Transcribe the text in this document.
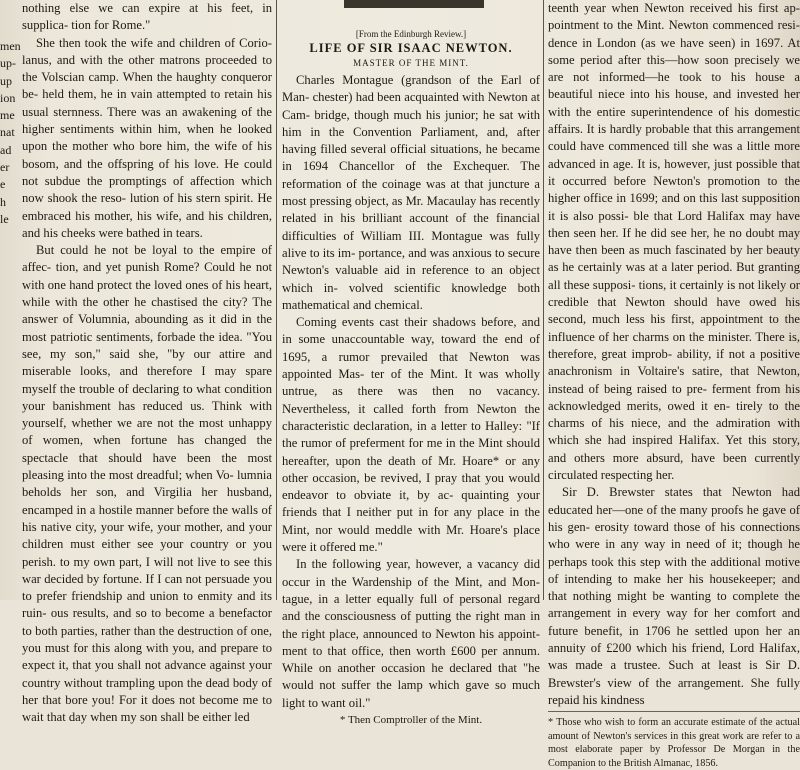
men
up-
up
ion
me
nat
ad
er
e
h
le

nothing else we can expire at his feet, in supplica- tion for Rome."

She then took the wife and children of Corio- lanus, and with the other matrons proceeded to the Volscian camp. When the haughty conqueror be- held them, he in vain attempted to retain his usual sternness. There was an awakening of the higher sentiments within him, when he looked upon the mother who bore him, the wife of his bosom, and the offspring of his love. He could not subdue the promptings of affection which now shook the reso- lution of his stern spirit. He embraced his mother, his wife, and his children, and his cheeks were bathed in tears.

But could he not be loyal to the empire of affec- tion, and yet punish Rome? Could he not with one hand protect the loved ones of his heart, while with the other he chastised the city? The answer of Volumnia, abounding as it did in the most patriotic sentiments, forbade the idea. "You see, my son," said she, "by our attire and miserable looks, and therefore I may spare myself the trouble of declaring to what condition your banishment has reduced us. Think with yourself, whether we are not the most unhappy of women, when fortune has changed the spectacle that should have been the most pleasing into the most dreadful; when Vo- lumnia beholds her son, and Virgilia her husband, encamped in a hostile manner before the walls of his native city, your wife, your mother, and your children must either see your country or you perish. to my own part, I will not live to see this war decided by fortune. If I can not persuade you to prefer friendship and union to enmity and its ruin- ous results, and so to become a benefactor to both parties, rather than the destruction of one, you must for this along with you, and prepare to expect it, that you shall not advance against your country without trampling upon the dead body of her that bore you! For it does not become me to wait that day when my son shall be either led

[From the Edinburgh Review.]
LIFE OF SIR ISAAC NEWTON.
MASTER OF THE MINT.

Charles Montague (grandson of the Earl of Man- chester) had been acquainted with Newton at Cam- bridge, though much his junior; he sat with him in the Convention Parliament, and, after having filled several official situations, he became in 1694 Chancellor of the Exchequer. The reformation of the coinage was at that juncture a most pressing object, as Mr. Macaulay has recently related in his brilliant account of the financial difficulties of William III. Montague was fully alive to its im- portance, and was anxious to secure Newton's valuable aid in reference to an object which in- volved scientific knowledge both mathematical and chemical.

Coming events cast their shadows before, and in some unaccountable way, toward the end of 1695, a rumor prevailed that Newton was appointed Mas- ter of the Mint. It was wholly untrue, as there was then no vacancy. Nevertheless, it called forth from Newton the characteristic declaration, in a letter to Halley: "If the rumor of preferment for me in the Mint should hereafter, upon the death of Mr. Hoare* or any other occasion, be revived, I pray that you would endeavor to obviate it, by ac- quainting your friends that I neither put in for any place in the Mint, nor would meddle with Mr. Hoare's place were it offered me."

In the following year, however, a vacancy did occur in the Wardenship of the Mint, and Mon- tague, in a letter equally full of personal regard and the consciousness of putting the right man in the right place, announced to Newton his appoint- ment to that office, then worth £600 per annum. While on another occasion he declared that "he would not suffer the lamp which gave so much light to want oil."

* Then Comptroller of the Mint.

teenth year when Newton received his first ap- pointment to the Mint. Newton commenced resi- dence in London (as we have seen) in 1697. At some period after this—how soon precisely we are not informed—he took to his house a beautiful niece into his house, and invested her with the entire superintendence of his domestic affairs. It is hardly probable that this arrangement could have commenced till she was a little more advanced in age. It is, however, just possible that it occurred before Newton's promotion to the higher office in 1699; and on this last supposition it is also possi- ble that Lord Halifax may have then seen her. If he did see her, he no doubt may have then been as much fascinated by her beauty as he certainly was at a later period. But granting all these supposi- tions, it certainly is not likely or credible that Newton should have owed his second, much less his first, appointment to the influence of her charms on the minister. There is, therefore, great improb- ability, if not a positive anachronism in Voltaire's satire, that Newton, instead of being raised to pre- ferment from his acknowledged merits, owed it en- tirely to the charms of his niece, and the admiration with which she had inspired Halifax. Yet this story, and others more absurd, have been currently circulated respecting her.

Sir D. Brewster states that Newton had educated her—one of the many proofs he gave of his gen- erosity toward those of his connections who were in any way in need of it; though he perhaps took this step with the additional motive of intending to make her his housekeeper; and that nothing might be wanting to complete the arrangement in every way for her comfort and future benefit, in 1706 he settled upon her an annuity of £200 which his friend, Lord Halifax, was made a trustee. Such at least is Sir D. Brewster's view of the arrangement. She fully repaid his kindness

* Those who wish to form an accurate estimate of the actual amount of Newton's services in this great work are refer to a most elaborate paper by Professor De Morgan in the Companion to the British Almanac, 1856.
